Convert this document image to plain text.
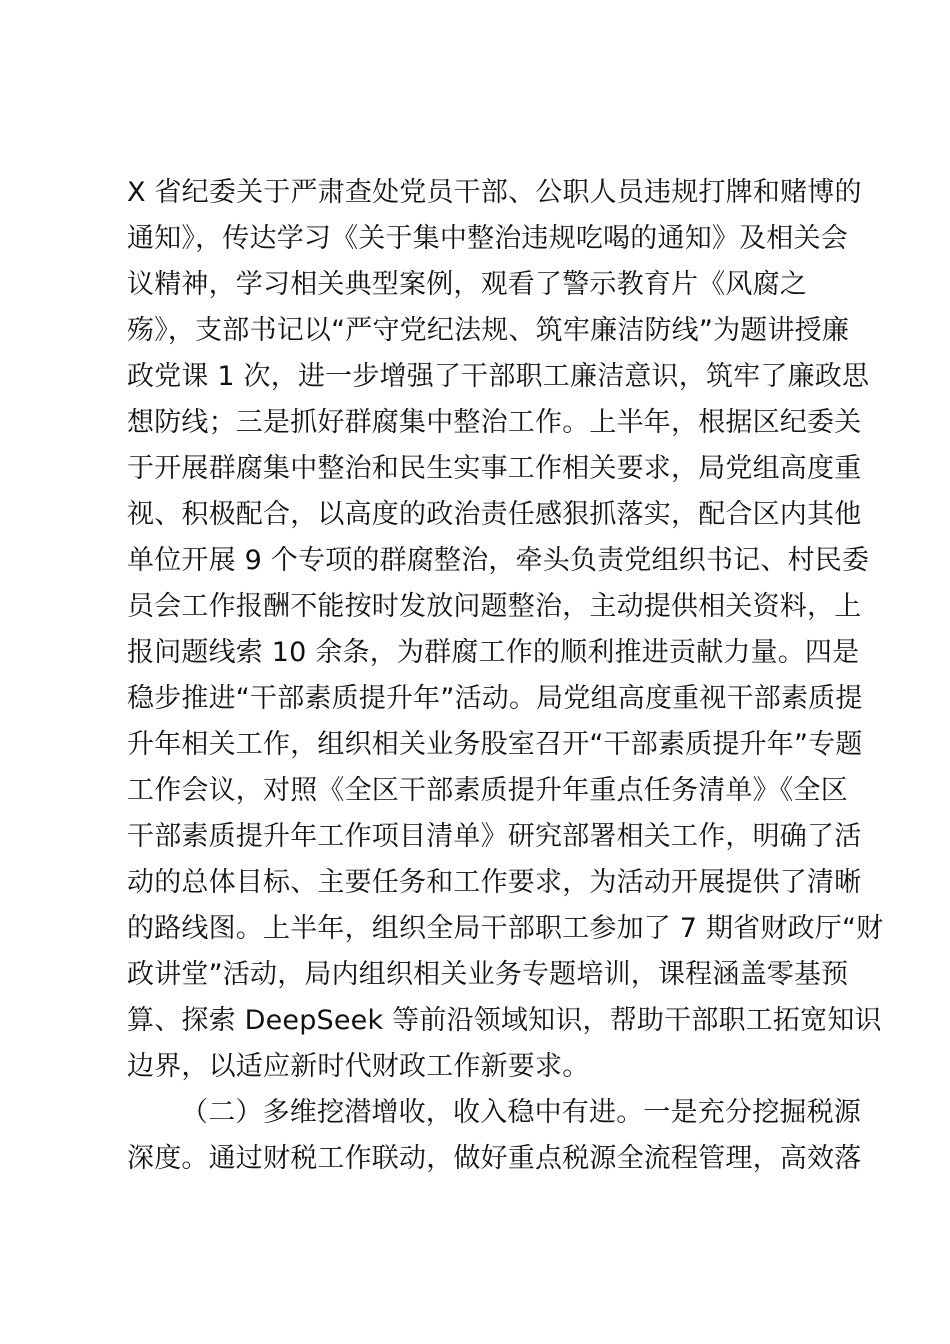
X 省纪委关于严肃查处党员干部、公职人员违规打牌和赌博的
通知》，传达学习《关于集中整治违规吃喝的通知》及相关会
议精神，学习相关典型案例，观看了警示教育片《风腐之
殇》，支部书记以“严守党纪法规、筑牢廉洁防线”为题讲授廉
政党课 1 次，进一步增强了干部职工廉洁意识，筑牢了廉政思
想防线；三是抓好群腐集中整治工作。上半年，根据区纪委关
于开展群腐集中整治和民生实事工作相关要求，局党组高度重
视、积极配合，以高度的政治责任感狠抓落实，配合区内其他
单位开展 9 个专项的群腐整治，牵头负责党组织书记、村民委
员会工作报酬不能按时发放问题整治，主动提供相关资料，上
报问题线索 10 余条，为群腐工作的顺利推进贡献力量。四是
稳步推进“干部素质提升年”活动。局党组高度重视干部素质提
升年相关工作，组织相关业务股室召开“干部素质提升年”专题
工作会议，对照《全区干部素质提升年重点任务清单》《全区
干部素质提升年工作项目清单》研究部署相关工作，明确了活
动的总体目标、主要任务和工作要求，为活动开展提供了清晰
的路线图。上半年，组织全局干部职工参加了 7 期省财政厅“财
政讲堂”活动，局内组织相关业务专题培训，课程涵盖零基预
算、探索 DeepSeek 等前沿领域知识，帮助干部职工拓宽知识
边界，以适应新时代财政工作新要求。
（二）多维挖潜增收，收入稳中有进。一是充分挖掘税源
深度。通过财税工作联动，做好重点税源全流程管理，高效落
